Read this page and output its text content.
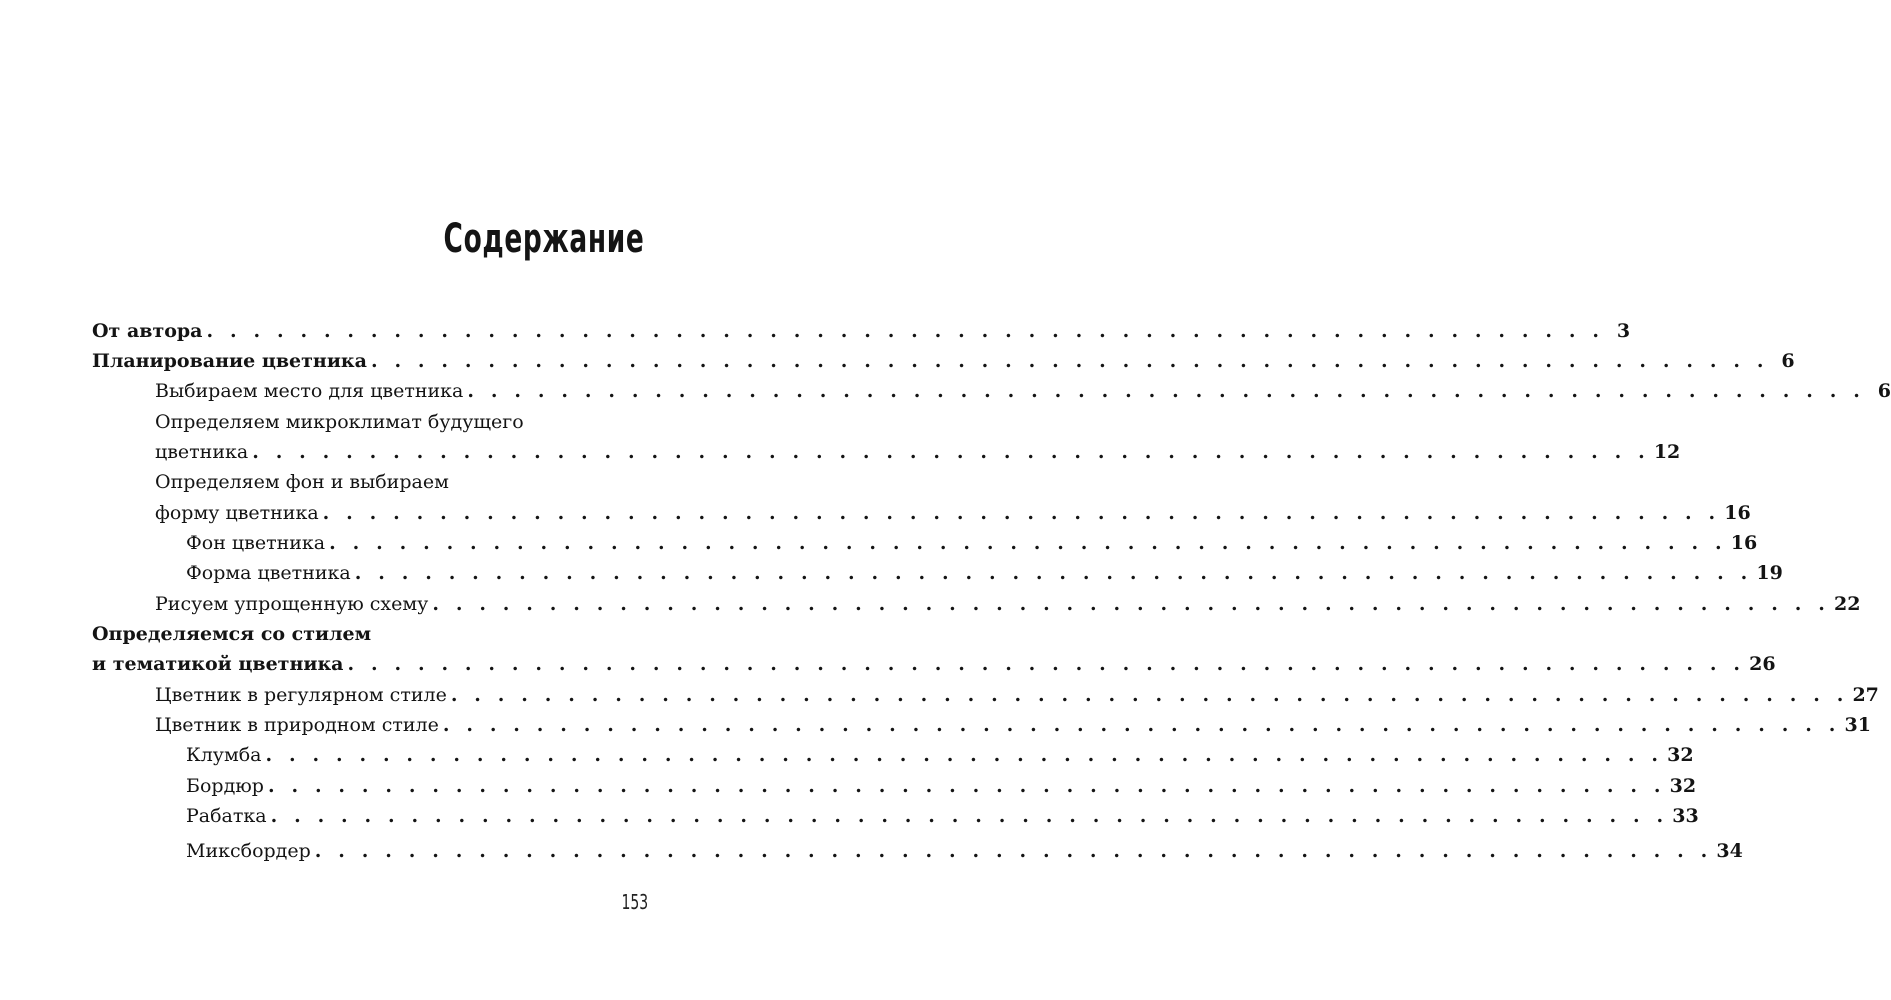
Содержание
От автора . . . . . . . . . . . . . . . . . . . . . . . . . . . . . . . . . . . . . . . . . . . . . . . . . . . . . . . . . . . . 3
Планирование цветника . . . . . . . . . . . . . . . . . . . . . . . . . . . . . . . . . . . . . . . . . . . . . . . . . . . . . . . . . . . . 6
Выбираем место для цветника . . . . . . . . . . . . . . . . . . . . . . . . . . . . . . . . . . . . . . . . . . . . . . . . . . . . . . . . . . . . 6
Определяем микроклимат будущего
цветника . . . . . . . . . . . . . . . . . . . . . . . . . . . . . . . . . . . . . . . . . . . . . . . . . . . . . . . . . . . . 12
Определяем фон и выбираем
форму цветника . . . . . . . . . . . . . . . . . . . . . . . . . . . . . . . . . . . . . . . . . . . . . . . . . . . . . . . . . . . . 16
Фон цветника . . . . . . . . . . . . . . . . . . . . . . . . . . . . . . . . . . . . . . . . . . . . . . . . . . . . . . . . . . . . 16
Форма цветника . . . . . . . . . . . . . . . . . . . . . . . . . . . . . . . . . . . . . . . . . . . . . . . . . . . . . . . . . . . . 19
Рисуем упрощенную схему . . . . . . . . . . . . . . . . . . . . . . . . . . . . . . . . . . . . . . . . . . . . . . . . . . . . . . . . . . . . 22
Определяемся со стилем
и тематикой цветника . . . . . . . . . . . . . . . . . . . . . . . . . . . . . . . . . . . . . . . . . . . . . . . . . . . . . . . . . . . . 26
Цветник в регулярном стиле . . . . . . . . . . . . . . . . . . . . . . . . . . . . . . . . . . . . . . . . . . . . . . . . . . . . . . . . . . . . 27
Цветник в природном стиле . . . . . . . . . . . . . . . . . . . . . . . . . . . . . . . . . . . . . . . . . . . . . . . . . . . . . . . . . . . . 31
Клумба . . . . . . . . . . . . . . . . . . . . . . . . . . . . . . . . . . . . . . . . . . . . . . . . . . . . . . . . . . . . 32
Бордюр . . . . . . . . . . . . . . . . . . . . . . . . . . . . . . . . . . . . . . . . . . . . . . . . . . . . . . . . . . . . 32
Рабатка . . . . . . . . . . . . . . . . . . . . . . . . . . . . . . . . . . . . . . . . . . . . . . . . . . . . . . . . . . . . 33
Миксбордер . . . . . . . . . . . . . . . . . . . . . . . . . . . . . . . . . . . . . . . . . . . . . . . . . . . . . . . . . . . . 34
153
